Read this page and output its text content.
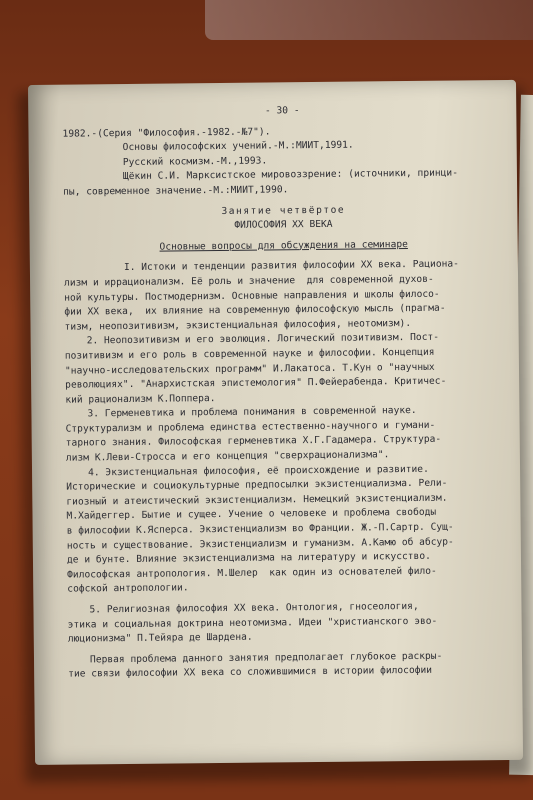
- 30 -
1982.-(Серия "Философия.-1982.-№7").
Основы философских учений.-М.:МИИТ,1991.
Русский космизм.-М.,1993.
Щёкин С.И. Марксистское мировоззрение: (источники, принци-
пы, современное значение.-М.:МИИТ,1990.
Занятие четвёртое
ФИЛОСОФИЯ XX ВЕКА
Основные вопросы для обсуждения на семинаре
I. Истоки и тенденции развития философии XX века. Рациона-
лизм и иррационализм. Её роль и значение  для современной духов-
ной культуры. Постмодернизм. Основные направления и школы филосо-
фии XX века,  их влияние на современную философскую мысль (прагма-
тизм, неопозитивизм, экзистенциальная философия, неотомизм).
2. Неопозитивизм и его эволюция. Логический позитивизм. Пост-
позитивизм и его роль в современной науке и философии. Концепция
"научно-исследовательских программ" И.Лакатоса. Т.Кун о "научных
революциях". "Анархистская эпистемология" П.Фейерабенда. Критичес-
кий рационализм К.Поппера.
3. Герменевтика и проблема понимания в современной науке.
Структурализм и проблема единства естественно-научного и гумани-
тарного знания. Философская герменевтика Х.Г.Гадамера. Структура-
лизм К.Леви-Стросса и его концепция "сверхрационализма".
4. Экзистенциальная философия, её происхождение и развитие.
Исторические и социокультурные предпосылки экзистенциализма. Рели-
гиозный и атеистический экзистенциализм. Немецкий экзистенциализм.
М.Хайдеггер. Бытие и сущее. Учение о человеке и проблема свободы
в философии К.Ясперса. Экзистенциализм во Франции. Ж.-П.Сартр. Сущ-
ность и существование. Экзистенциализм и гуманизм. А.Камю об абсур-
де и бунте. Влияние экзистенциализма на литературу и искусство.
Философская антропология. М.Шелер  как один из основателей фило-
софской антропологии.
5. Религиозная философия XX века. Онтология, гносеология,
этика и социальная доктрина неотомизма. Идеи "христианского эво-
люционизма" П.Тейяра де Шардена.
Первая проблема данного занятия предполагает глубокое раскры-
тие связи философии XX века со сложившимися в истории философии
